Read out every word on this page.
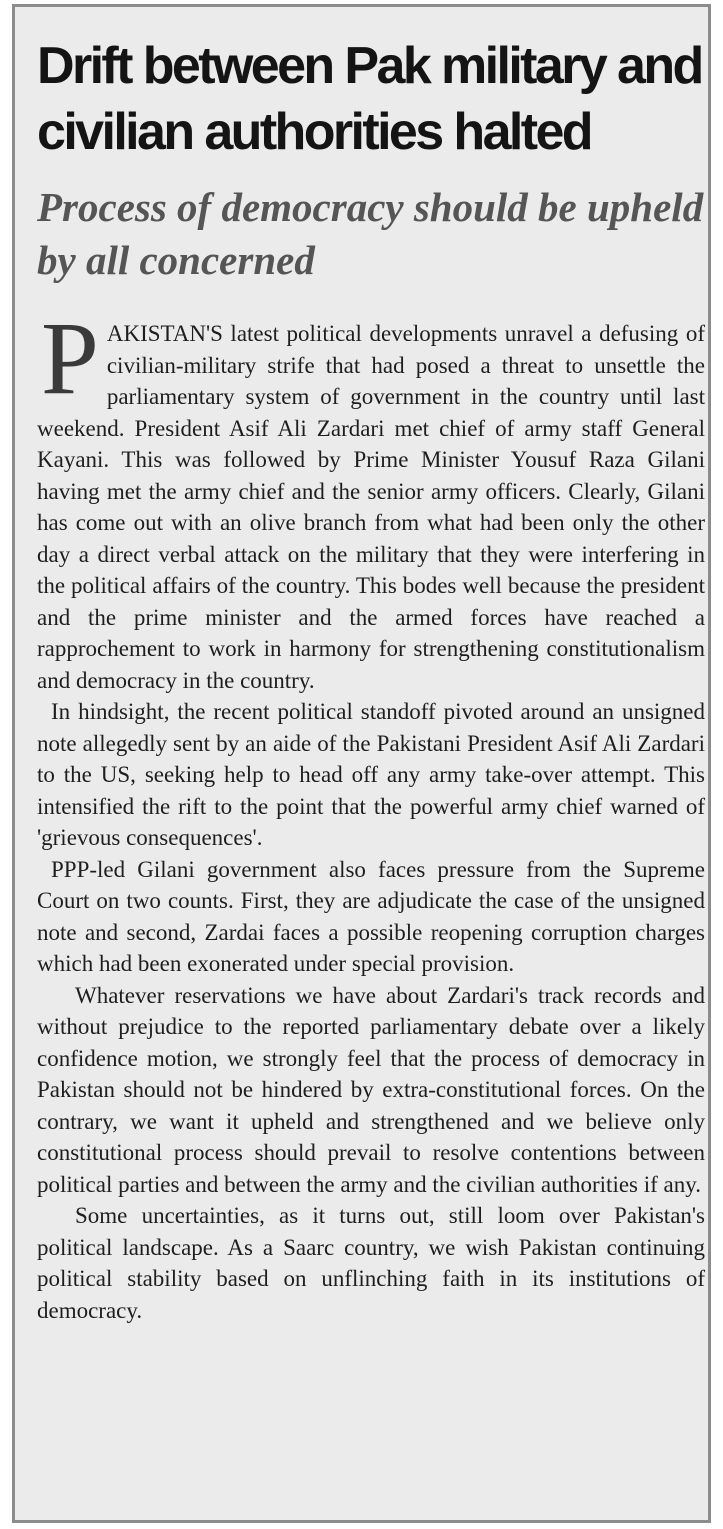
Drift between Pak military and civilian authorities halted
Process of democracy should be upheld by all concerned

PAKISTAN'S latest political developments unravel a defusing of civilian-military strife that had posed a threat to unsettle the parliamentary system of government in the country until last weekend. President Asif Ali Zardari met chief of army staff General Kayani. This was followed by Prime Minister Yousuf Raza Gilani having met the army chief and the senior army officers. Clearly, Gilani has come out with an olive branch from what had been only the other day a direct verbal attack on the military that they were interfering in the political affairs of the country. This bodes well because the president and the prime minister and the armed forces have reached a rapprochement to work in harmony for strengthening constitutionalism and democracy in the country.

In hindsight, the recent political standoff pivoted around an unsigned note allegedly sent by an aide of the Pakistani President Asif Ali Zardari to the US, seeking help to head off any army take-over attempt. This intensified the rift to the point that the powerful army chief warned of 'grievous consequences'.

PPP-led Gilani government also faces pressure from the Supreme Court on two counts. First, they are adjudicate the case of the unsigned note and second, Zardai faces a possible reopening corruption charges which had been exonerated under special provision.

Whatever reservations we have about Zardari's track records and without prejudice to the reported parliamentary debate over a likely confidence motion, we strongly feel that the process of democracy in Pakistan should not be hindered by extra-constitutional forces. On the contrary, we want it upheld and strengthened and we believe only constitutional process should prevail to resolve contentions between political parties and between the army and the civilian authorities if any.

Some uncertainties, as it turns out, still loom over Pakistan's political landscape. As a Saarc country, we wish Pakistan continuing political stability based on unflinching faith in its institutions of democracy.
